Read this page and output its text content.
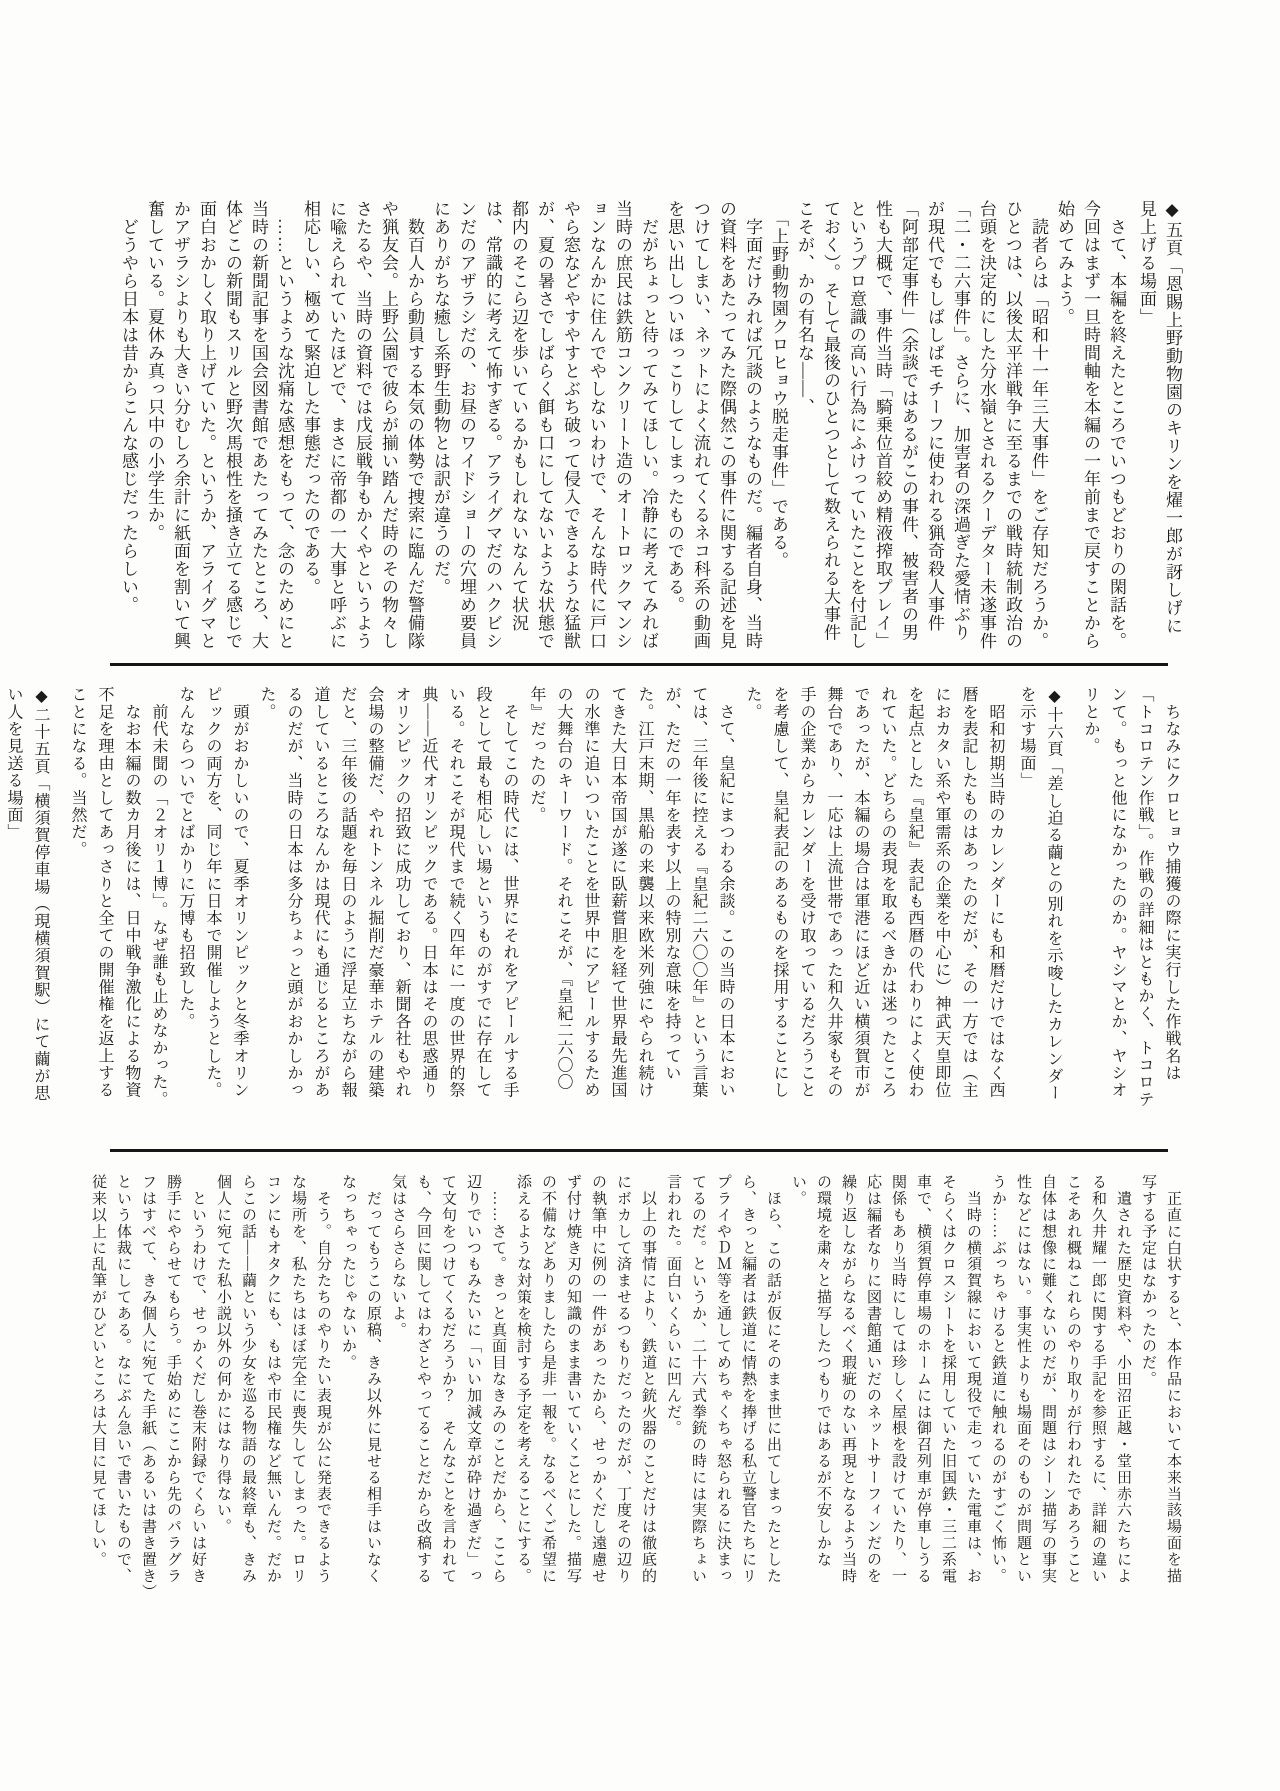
◆五頁「恩賜上野動物園のキリンを燿一郎が訝しげに見上げる場面」

　さて、本編を終えたところでいつもどおりの閑話を。今回はまず一旦時間軸を本編の一年前まで戻すことから始めてみよう。

　読者らは「昭和十一年三大事件」をご存知だろうか。ひとつは、以後太平洋戦争に至るまでの戦時統制政治の台頭を決定的にした分水嶺とされるクーデター未遂事件「二・二六事件」。さらに、加害者の深過ぎた愛情ぶりが現代でもしばしばモチーフに使われる猟奇殺人事件「阿部定事件」（余談ではあるがこの事件、被害者の男性も大概で、事件当時「騎乗位首絞め精液搾取プレイ」というプロ意識の高い行為にふけっていたことを付記しておく）。そして最後のひとつとして数えられる大事件こそが、かの有名な――、

　「上野動物園クロヒョウ脱走事件」である。

　字面だけみれば冗談のようなものだ。編者自身、当時の資料をあたってみた際偶然この事件に関する記述を見つけてしまい、ネットによく流れてくるネコ科系の動画を思い出しついほっこりしてしまったものである。

　だがちょっと待ってみてほしい。冷静に考えてみれば当時の庶民は鉄筋コンクリート造のオートロックマンションなんかに住んでやしないわけで、そんな時代に戸口やら窓などやすやすとぶち破って侵入できるような猛獣が、夏の暑さでしばらく餌も口にしてないような状態で都内のそこら辺を歩いているかもしれないなんて状況は、常識的に考えて怖すぎる。アライグマだのハクビシンだのアザラシだの、お昼のワイドショーの穴埋め要員にありがちな癒し系野生動物とは訳が違うのだ。

　数百人から動員する本気の体勢で捜索に臨んだ警備隊や猟友会。上野公園で彼らが揃い踏んだ時のその物々しさたるや、当時の資料では戊辰戦争もかくやというように喩えられていたほどで、まさに帝都の一大事と呼ぶに相応しい、極めて緊迫した事態だったのである。

　……というような沈痛な感想をもって、念のためにと当時の新聞記事を国会図書館であたってみたところ、大体どこの新聞もスリルと野次馬根性を掻き立てる感じで面白おかしく取り上げていた。というか、アライグマとかアザラシよりも大きい分むしろ余計に紙面を割いて興奮している。夏休み真っ只中の小学生か。

　どうやら日本は昔からこんな感じだったらしい。

　ちなみにクロヒョウ捕獲の際に実行した作戦名は「トコロテン作戦」。作戦の詳細はともかく、トコロテンて。もっと他になかったのか。ヤシマとか、ヤシオリとか。

◆十六頁「差し迫る繭との別れを示唆したカレンダーを示す場面」

　昭和初期当時のカレンダーにも和暦だけではなく西暦を表記したものはあったのだが、その一方では（主におカタい系や軍需系の企業を中心に）神武天皇即位を起点とした『皇紀』表記も西暦の代わりによく使われていた。どちらの表現を取るべきかは迷ったところであったが、本編の場合は軍港にほど近い横須賀市が舞台であり、一応は上流世帯であった和久井家もその手の企業からカレンダーを受け取っているだろうことを考慮して、皇紀表記のあるものを採用することにした。

　さて、皇紀にまつわる余談。この当時の日本においては、三年後に控える『皇紀二六〇〇年』という言葉が、ただの一年を表す以上の特別な意味を持っていた。江戸末期、黒船の来襲以来欧米列強にやられ続けてきた大日本帝国が遂に臥薪嘗胆を経て世界最先進国の水準に追いついたことを世界中にアピールするための大舞台のキーワード。それこそが、『皇紀二六〇〇年』だったのだ。

　そしてこの時代には、世界にそれをアピールする手段として最も相応しい場というものがすでに存在している。それこそが現代まで続く四年に一度の世界的祭典――近代オリンピックである。日本はその思惑通りオリンピックの招致に成功しており、新聞各社もやれ会場の整備だ、やれトンネル掘削だ豪華ホテルの建築だと、三年後の話題を毎日のように浮足立ちながら報道しているところなんかは現代にも通じるところがあるのだが、当時の日本は多分ちょっと頭がおかしかった。

　頭がおかしいので、夏季オリンピックと冬季オリンピックの両方を、同じ年に日本で開催しようとした。なんならついでとばかりに万博も招致した。

　前代未聞の「２オリ１博」。なぜ誰も止めなかった。

　なお本編の数カ月後には、日中戦争激化による物資不足を理由としてあっさりと全ての開催権を返上することになる。当然だ。

◆二十五頁「横須賀停車場（現横須賀駅）にて繭が思い人を見送る場面」

　正直に白状すると、本作品において本来当該場面を描写する予定はなかったのだ。

　遺された歴史資料や、小田沼正越・堂田赤六たちによる和久井耀一郎に関する手記を参照するに、詳細の違いこそあれ概ねこれらのやり取りが行われたであろうこと自体は想像に難くないのだが、問題はシーン描写の事実性などにはない。事実性よりも場面そのものが問題というか……ぶっちゃけると鉄道に触れるのがすごく怖い。

　当時の横須賀線において現役で走っていた電車は、おそらくはクロスシートを採用していた旧国鉄・三二系電車で、横須賀停車場のホームには御召列車が停車しうる関係もあり当時にしては珍しく屋根を設けていたり、一応は編者なりに図書館通いだのネットサーフィンだのを繰り返しながらなるべく瑕疵のない再現となるよう当時の環境を粛々と描写したつもりではあるが不安しかない。

　ほら、この話が仮にそのまま世に出てしまったとしたら、きっと編者は鉄道に情熱を捧げる私立警官たちにリプライやＤＭ等を通してめちゃくちゃ怒られるに決まってるのだ。というか、二十六式拳銃の時には実際ちょい言われた。面白いくらいに凹んだ。

　以上の事情により、鉄道と銃火器のことだけは徹底的にボカして済ませるつもりだったのだが、丁度その辺りの執筆中に例の一件があったから、せっかくだし遠慮せず付け焼き刃の知識のまま書いていくことにした。描写の不備などありましたら是非一報を。なるべくご希望に添えるような対策を検討する予定を考えることにする。

　……さて。きっと真面目なきみのことだから、ここら辺りでいつもみたいに「いい加減文章が砕け過ぎだ」って文句をつけてくるだろうか？　そんなことを言われても、今回に関してはわざとやってることだから改稿する気はさらさらないよ。

　だってもうこの原稿、きみ以外に見せる相手はいなくなっちゃったじゃないか。

　そう。自分たちのやりたい表現が公に発表できるような場所を、私たちはほぼ完全に喪失してしまった。ロリコンにもオタクにも、もはや市民権など無いんだ。だからこの話――繭という少女を巡る物語の最終章も、きみ個人に宛てた私小説以外の何かにはなり得ない。

　というわけで、せっかくだし巻末附録でくらいは好き勝手にやらせてもらう。手始めにここから先のパラグラフはすべて、きみ個人に宛てた手紙（あるいは書き置き）という体裁にしてある。なにぶん急いで書いたもので、従来以上に乱筆がひどいところは大目に見てほしい。
